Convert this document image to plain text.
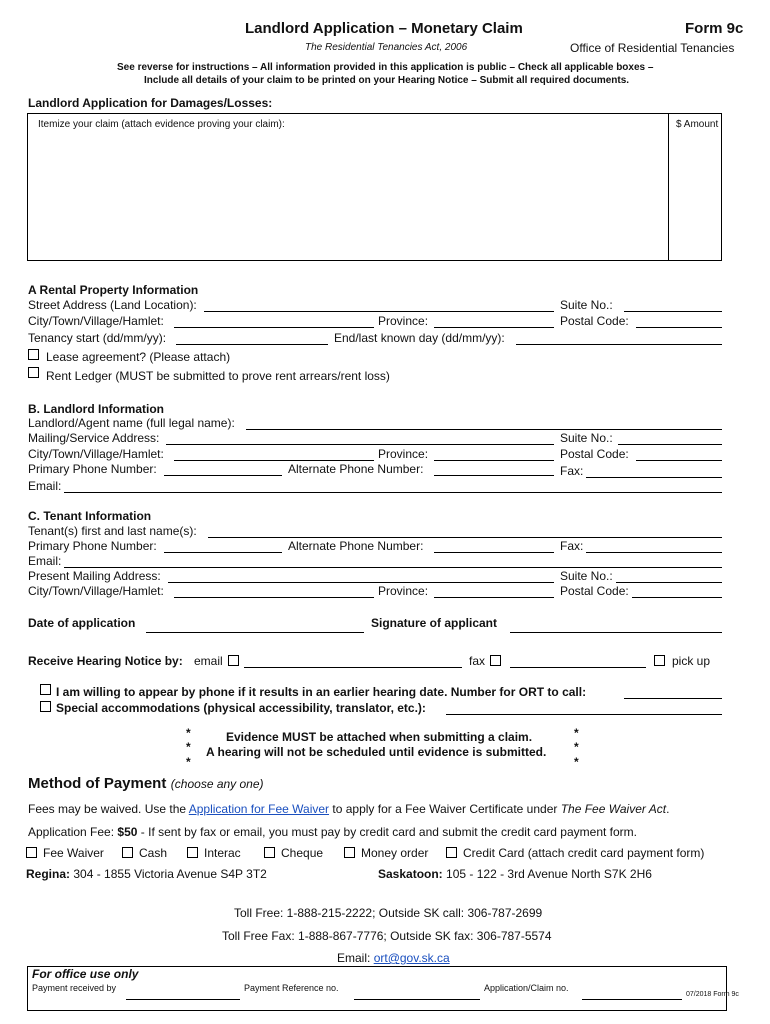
Landlord Application – Monetary Claim
The Residential Tenancies Act, 2006
Form 9c
Office of Residential Tenancies
See reverse for instructions – All information provided in this application is public – Check all applicable boxes –
Include all details of your claim to be printed on your Hearing Notice – Submit all required documents.
Landlord Application for Damages/Losses:
Itemize your claim (attach evidence proving your claim):	$ Amount
A Rental Property Information
Street Address (Land Location):	Suite No.:
City/Town/Village/Hamlet:	Province:	Postal Code:
Tenancy start (dd/mm/yy):	End/last known day (dd/mm/yy):
Lease agreement? (Please attach)
Rent Ledger (MUST be submitted to prove rent arrears/rent loss)
B. Landlord Information
Landlord/Agent name (full legal name):
Mailing/Service Address:	Suite No.:
City/Town/Village/Hamlet:	Province:	Postal Code:
Primary Phone Number:	Alternate Phone Number:	Fax:
Email:
C. Tenant Information
Tenant(s) first and last name(s):
Primary Phone Number:	Alternate Phone Number:	Fax:
Email:
Present Mailing Address:	Suite No.:
City/Town/Village/Hamlet:	Province:	Postal Code:
Date of application	Signature of applicant
Receive Hearing Notice by: email	fax	pick up
I am willing to appear by phone if it results in an earlier hearing date. Number for ORT to call:
Special accommodations (physical accessibility, translator, etc.):
*
*
*
Evidence MUST be attached when submitting a claim.
A hearing will not be scheduled until evidence is submitted.
*
*
*
Method of Payment (choose any one)
Fees may be waived. Use the Application for Fee Waiver to apply for a Fee Waiver Certificate under The Fee Waiver Act.
Application Fee: $50 - If sent by fax or email, you must pay by credit card and submit the credit card payment form.
Fee Waiver	Cash	Interac	Cheque	Money order	Credit Card (attach credit card payment form)
Regina: 304 - 1855 Victoria Avenue S4P 3T2	Saskatoon: 105 - 122 - 3rd Avenue North S7K 2H6
Toll Free: 1-888-215-2222; Outside SK call: 306-787-2699
Toll Free Fax: 1-888-867-7776; Outside SK fax: 306-787-5574
Email: ort@gov.sk.ca
For office use only
Payment received by	Payment Reference no.	Application/Claim no.
07/2018 Form 9c
